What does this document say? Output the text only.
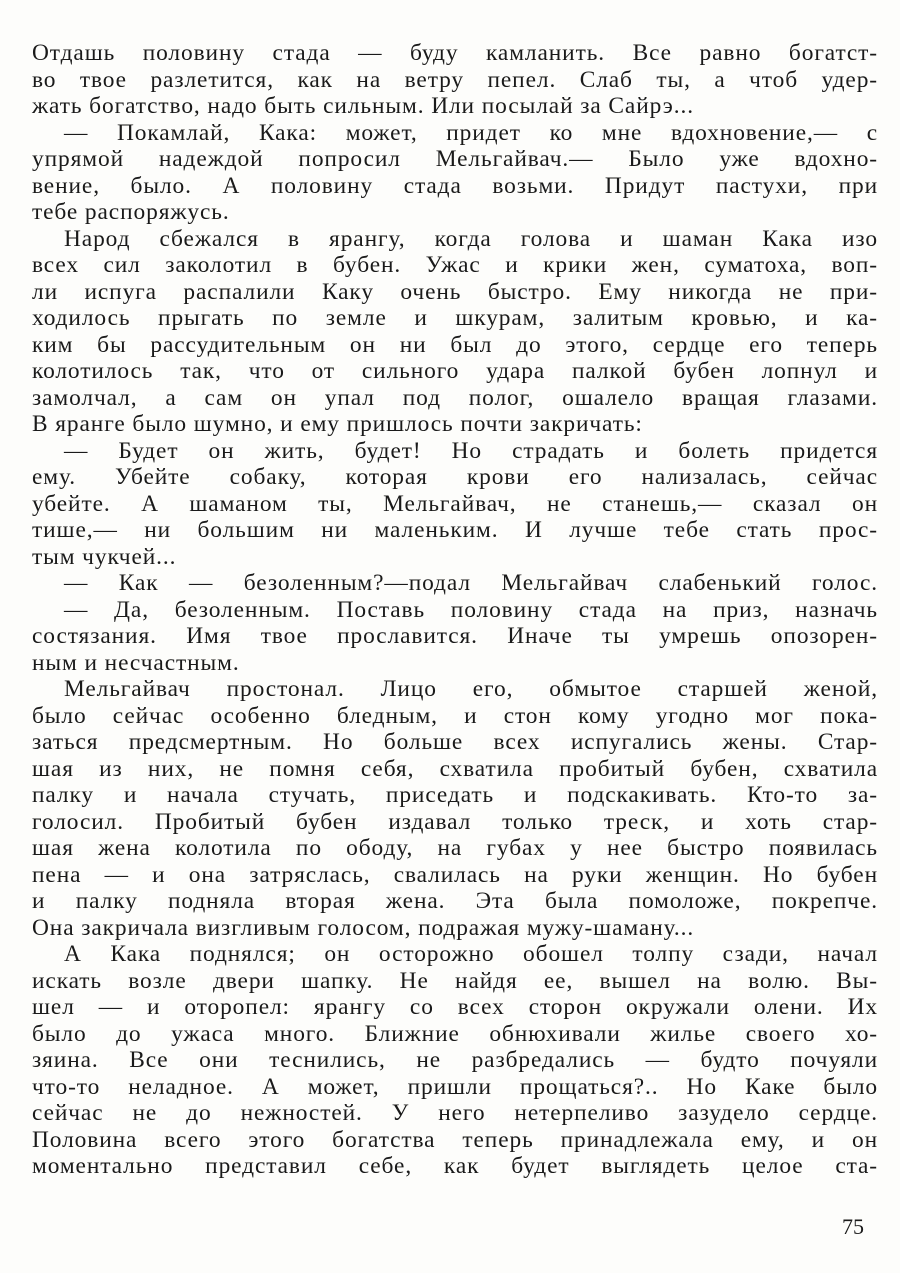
Отдашь половину стада — буду камланить. Все равно богатст-
во твое разлетится, как на ветру пепел. Слаб ты, а чтоб удер-
жать богатство, надо быть сильным. Или посылай за Сайрэ...
— Покамлай, Кака: может, придет ко мне вдохновение,— с
упрямой надеждой попросил Мельгайвач.— Было уже вдохно-
вение, было. А половину стада возьми. Придут пастухи, при
тебе распоряжусь.
Народ сбежался в ярангу, когда голова и шаман Кака изо
всех сил заколотил в бубен. Ужас и крики жен, суматоха, воп-
ли испуга распалили Каку очень быстро. Ему никогда не при-
ходилось прыгать по земле и шкурам, залитым кровью, и ка-
ким бы рассудительным он ни был до этого, сердце его теперь
колотилось так, что от сильного удара палкой бубен лопнул и
замолчал, а сам он упал под полог, ошалело вращая глазами.
В яранге было шумно, и ему пришлось почти закричать:
— Будет он жить, будет! Но страдать и болеть придется
ему. Убейте собаку, которая крови его нализалась, сейчас
убейте. А шаманом ты, Мельгайвач, не станешь,— сказал он
тише,— ни большим ни маленьким. И лучше тебе стать прос-
тым чукчей...
— Как — безоленным?—подал Мельгайвач слабенький голос.
— Да, безоленным. Поставь половину стада на приз, назначь
состязания. Имя твое прославится. Иначе ты умрешь опозорен-
ным и несчастным.
Мельгайвач простонал. Лицо его, обмытое старшей женой,
было сейчас особенно бледным, и стон кому угодно мог пока-
заться предсмертным. Но больше всех испугались жены. Стар-
шая из них, не помня себя, схватила пробитый бубен, схватила
палку и начала стучать, приседать и подскакивать. Кто-то за-
голосил. Пробитый бубен издавал только треск, и хоть стар-
шая жена колотила по ободу, на губах у нее быстро появилась
пена — и она затряслась, свалилась на руки женщин. Но бубен
и палку подняла вторая жена. Эта была помоложе, покрепче.
Она закричала визгливым голосом, подражая мужу-шаману...
А Кака поднялся; он осторожно обошел толпу сзади, начал
искать возле двери шапку. Не найдя ее, вышел на волю. Вы-
шел — и оторопел: ярангу со всех сторон окружали олени. Их
было до ужаса много. Ближние обнюхивали жилье своего хо-
зяина. Все они теснились, не разбредались — будто почуяли
что-то неладное. А может, пришли прощаться?.. Но Каке было
сейчас не до нежностей. У него нетерпеливо зазудело сердце.
Половина всего этого богатства теперь принадлежала ему, и он
моментально представил себе, как будет выглядеть целое ста-
75
